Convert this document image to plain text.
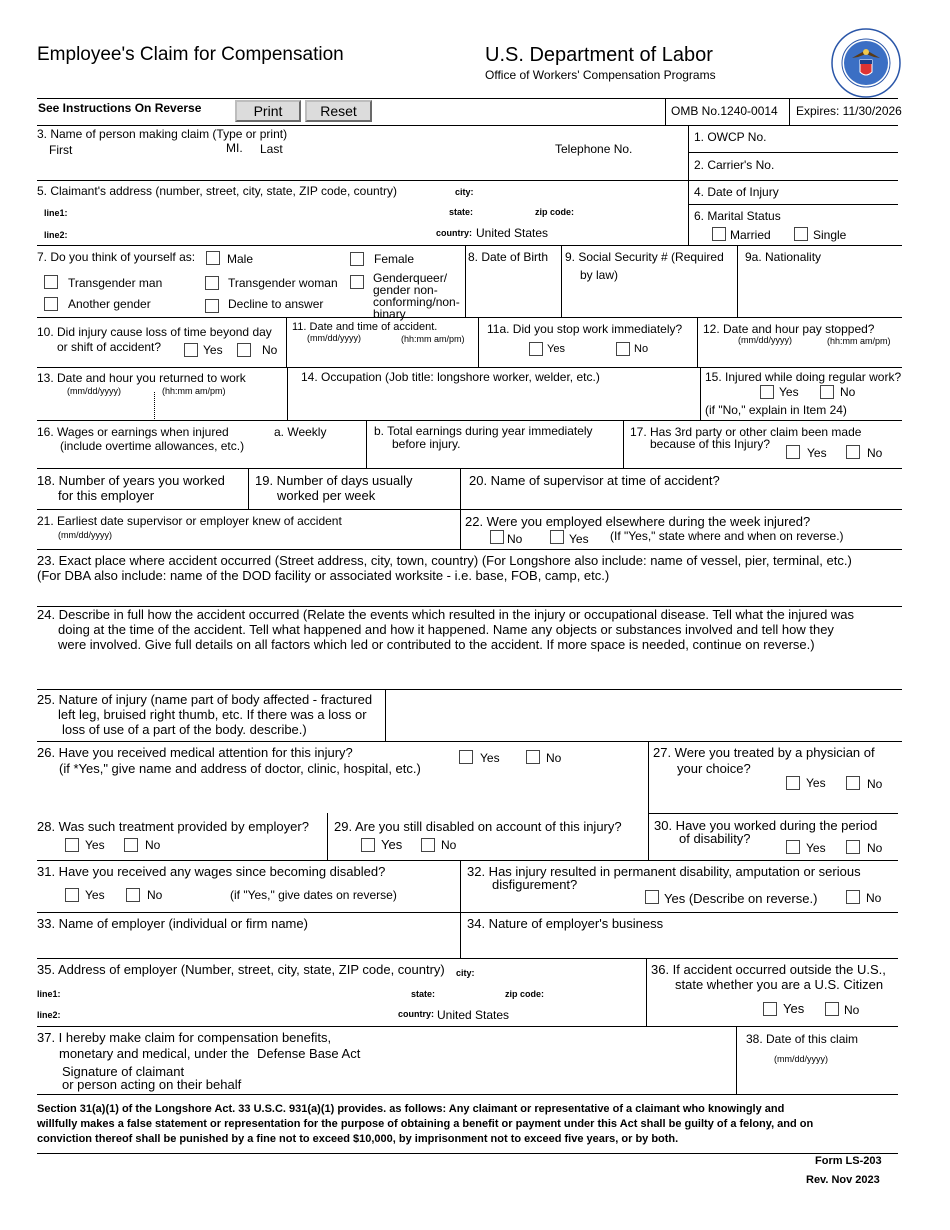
Employee's Claim for Compensation	U.S. Department of Labor
Office of Workers' Compensation Programs
See Instructions On Reverse	Print	Reset	OMB No.1240-0014 Expires: 11/30/2026
3. Name of person making claim (Type or print)
First	MI. Last	Telephone No.
1. OWCP No.
2. Carrier's No.
5. Claimant's address (number, street, city, state, ZIP code, country)	city:
line1:	state:	zip code:
line2:	country: United States
4. Date of Injury
6. Marital Status
Married	Single
7. Do you think of yourself as:	Male	Female
Transgender man	Transgender woman	Genderqueer/
gender non-
conforming/non-
binary
Another gender	Decline to answer
8. Date of Birth 9. Social Security # (Required
by law)
9a. Nationality
10. Did injury cause loss of time beyond day
or shift of accident?	Yes	No
11. Date and time of accident.
(mm/dd/yyyy)	(hh:mm am/pm)
11a. Did you stop work immediately?
Yes	No
12. Date and hour pay stopped?
(mm/dd/yyyy)	(hh:mm am/pm)
13. Date and hour you returned to work
(mm/dd/yyyy)	(hh:mm am/pm)
14. Occupation (Job title: longshore worker, welder, etc.)	15. Injured while doing regular work?
Yes	No
(if "No," explain in Item 24)
16. Wages or earnings when injured
(include overtime allowances, etc.)
a. Weekly	b. Total earnings during year immediately
before injury.
17. Has 3rd party or other claim been made
because of this Injury?
Yes	No
18. Number of years you worked
for this employer
19. Number of days usually
worked per week
20. Name of supervisor at time of accident?
21. Earliest date supervisor or employer knew of accident
(mm/dd/yyyy)
22. Were you employed elsewhere during the week injured?
No	Yes (If "Yes," state where and when on reverse.)
23. Exact place where accident occurred (Street address, city, town, country) (For Longshore also include: name of vessel, pier, terminal, etc.)
(For DBA also include: name of the DOD facility or associated worksite - i.e. base, FOB, camp, etc.)
24. Describe in full how the accident occurred (Relate the events which resulted in the injury or occupational disease. Tell what the injured was
doing at the time of the accident. Tell what happened and how it happened. Name any objects or substances involved and tell how they
were involved. Give full details on all factors which led or contributed to the accident. If more space is needed, continue on reverse.)
25. Nature of injury (name part of body affected - fractured
left leg, bruised right thumb, etc. If there was a loss or
loss of use of a part of the body. describe.)
26. Have you received medical attention for this injury?
(if *Yes," give name and address of doctor, clinic, hospital, etc.)
Yes	No	27. Were you treated by a physician of
your choice?
Yes	No
28. Was such treatment provided by employer?
Yes	No
29. Are you still disabled on account of this injury?
Yes	No
30. Have you worked during the period
of disability?
Yes	No
31. Have you received any wages since becoming disabled?
Yes	No	(if "Yes," give dates on reverse)
32. Has injury resulted in permanent disability, amputation or serious
disfigurement?
Yes (Describe on reverse.)	No
33. Name of employer (individual or firm name)	34. Nature of employer's business
35. Address of employer (Number, street, city, state, ZIP code, country) city:
line1:	state:	zip code:
line2:	country: United States
36. If accident occurred outside the U.S.,
state whether you are a U.S. Citizen
Yes	No
37. I hereby make claim for compensation benefits,
monetary and medical, under the Defense Base Act
Signature of claimant
or person acting on their behalf
38. Date of this claim
(mm/dd/yyyy)
Section 31(a)(1) of the Longshore Act. 33 U.S.C. 931(a)(1) provides. as follows: Any claimant or representative of a claimant who knowingly and
willfully makes a false statement or representation for the purpose of obtaining a benefit or payment under this Act shall be guilty of a felony, and on
conviction thereof shall be punished by a fine not to exceed $10,000, by imprisonment not to exceed five years, or by both.
Form LS-203
Rev. Nov 2023
